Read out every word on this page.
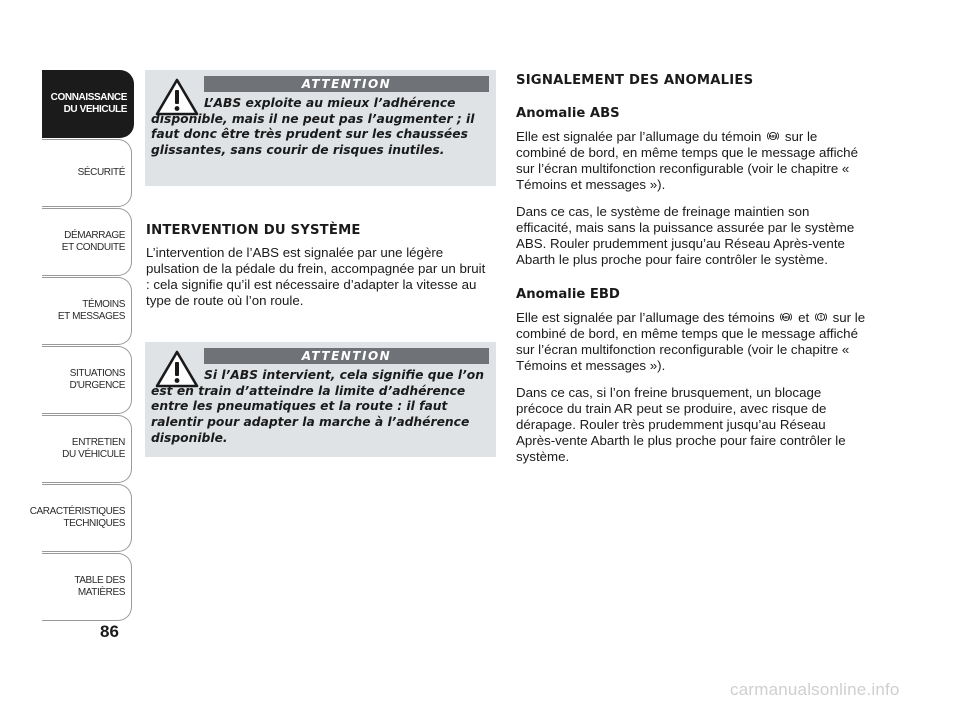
CONNAISSANCE
DU VEHICULE
SÉCURITÉ
DÉMARRAGE
ET CONDUITE
TÉMOINS
ET MESSAGES
SITUATIONS
D'URGENCE
ENTRETIEN
DU VÉHICULE
CARACTÉRISTIQUES
TECHNIQUES
TABLE DES
MATIÈRES
86
ATTENTION

L’ABS exploite au mieux l’adhérence disponible, mais il ne peut pas l’augmenter ; il faut donc être très prudent sur les chaussées glissantes, sans courir de risques inutiles.

INTERVENTION DU SYSTÈME

L’intervention de l’ABS est signalée par une légère pulsation de la pédale du frein, accompagnée par un bruit : cela signifie qu’il est nécessaire d’adapter la vitesse au type de route où l’on roule.

ATTENTION

Si l’ABS intervient, cela signifie que l’on est en train d’atteindre la limite d’adhérence entre les pneumatiques et la route : il faut ralentir pour adapter la marche à l’adhérence disponible.

SIGNALEMENT DES ANOMALIES
Anomalie ABS

Elle est signalée par l’allumage du témoin	ABS sur le combiné de bord, en même temps que le message affiché sur l’écran multifonction reconfigurable (voir le chapitre « Témoins et messages »).

Dans ce cas, le système de freinage maintien son efficacité, mais sans la puissance assurée par le système ABS. Rouler prudemment jusqu’au Réseau Après-vente Abarth le plus proche pour faire contrôler le système.

Anomalie EBD

Elle est signalée par l’allumage des témoins	ABS et sur le combiné de bord, en même temps que le message affiché sur l’écran multifonction reconfigurable (voir le chapitre « Témoins et messages »).

Dans ce cas, si l’on freine brusquement, un blocage précoce du train AR peut se produire, avec risque de dérapage. Rouler très prudemment jusqu’au Réseau Après-vente Abarth le plus proche pour faire contrôler le système.

carmanualsonline.info
